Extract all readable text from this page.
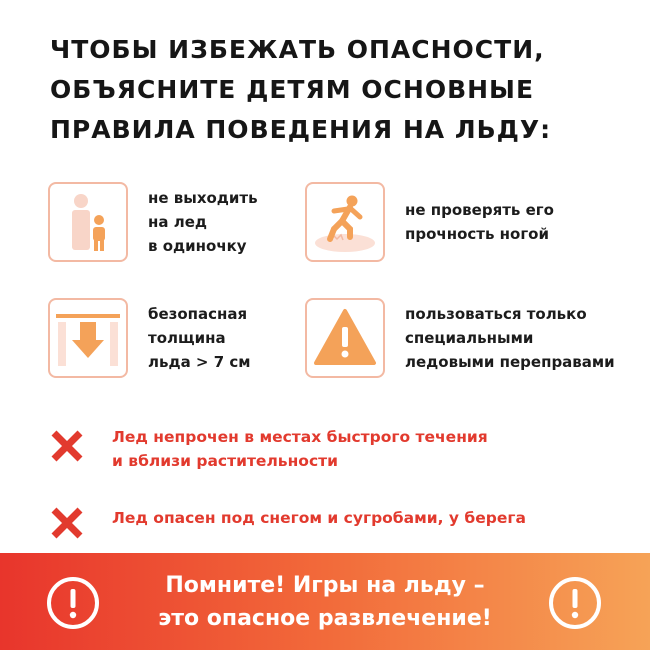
ЧТОБЫ ИЗБЕЖАТЬ ОПАСНОСТИ,
ОБЪЯСНИТЕ ДЕТЯМ ОСНОВНЫЕ
ПРАВИЛА ПОВЕДЕНИЯ НА ЛЬДУ:
не выходить
на лед
в одиночку
не проверять его
прочность ногой
безопасная
толщина
льда > 7 см
пользоваться только
специальными
ледовыми переправами
Лед непрочен в местах быстрого течения
и вблизи растительности
Лед опасен под снегом и сугробами, у берега
Помните! Игры на льду –
это опасное развлечение!
